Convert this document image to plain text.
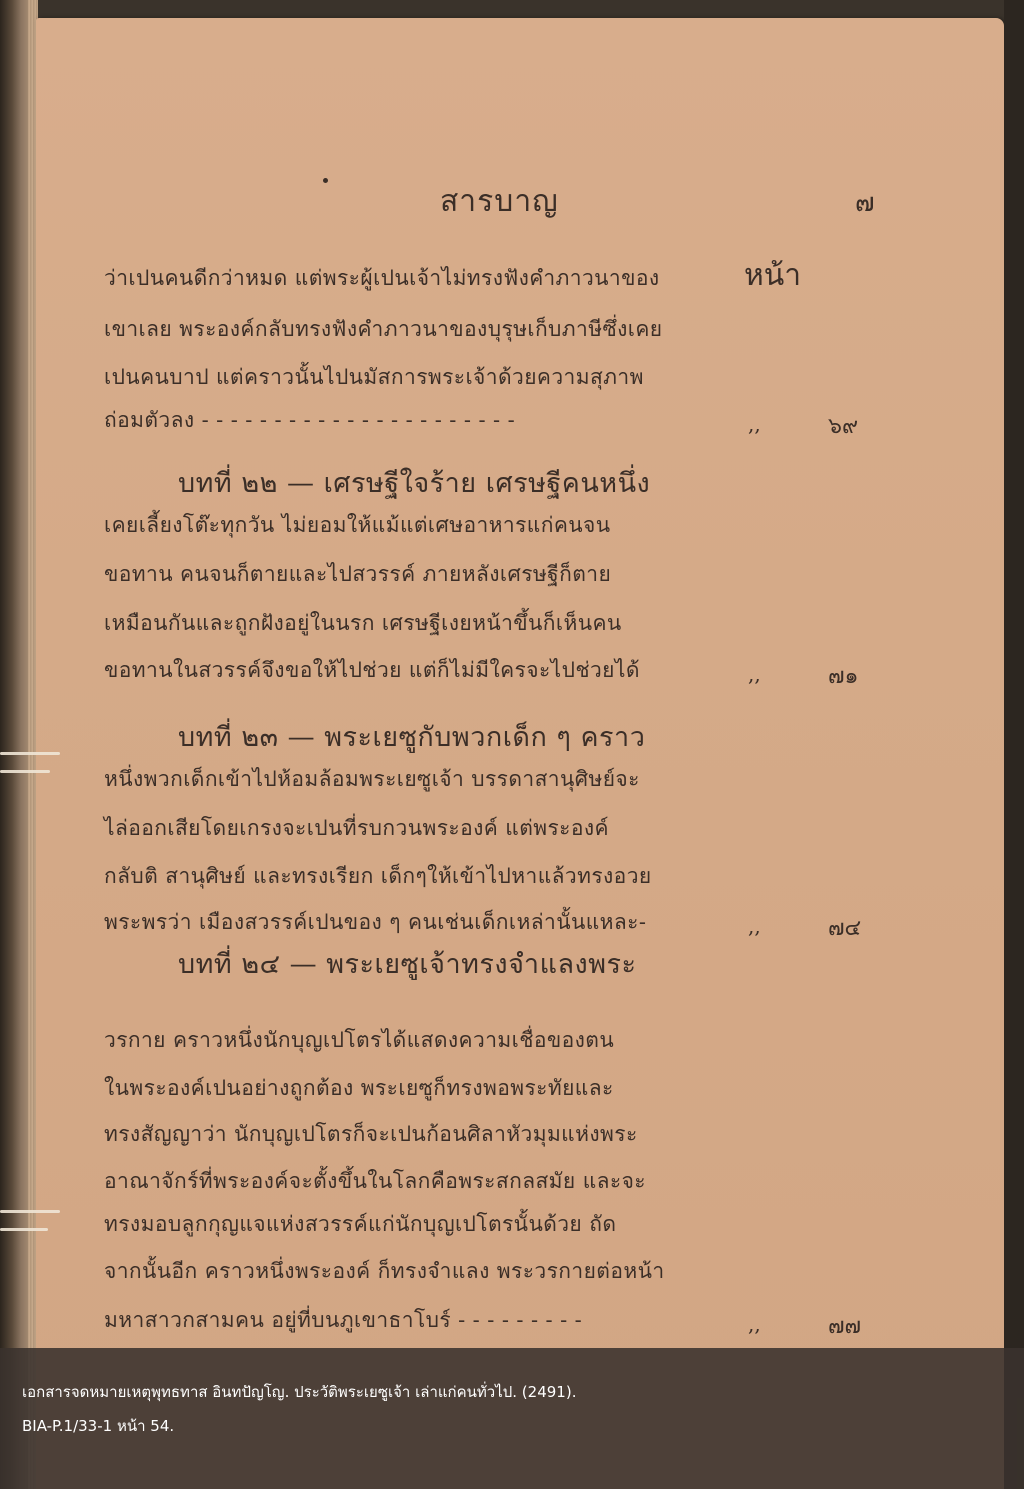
สารบาญ	๗
หน้า
ว่าเปนคนดีกว่าหมด แต่พระผู้เปนเจ้าไม่ทรงฟังคำภาวนาของ
เขาเลย พระองค์กลับทรงฟังคำภาวนาของบุรุษเก็บภาษีซึ่งเคย
เปนคนบาป แต่คราวนั้นไปนมัสการพระเจ้าด้วยความสุภาพ
ถ่อมตัวลง - - - - - - - - - - - - - - - - - - - - - -	,,	๖๙
บทที่ ๒๒ — เศรษฐีใจร้าย เศรษฐีคนหนึ่ง
เคยเลี้ยงโต๊ะทุกวัน ไม่ยอมให้แม้แต่เศษอาหารแก่คนจน
ขอทาน คนจนก็ตายและไปสวรรค์ ภายหลังเศรษฐีก็ตาย
เหมือนกันและถูกฝังอยู่ในนรก เศรษฐีเงยหน้าขึ้นก็เห็นคน
ขอทานในสวรรค์จึงขอให้ไปช่วย แต่ก็ไม่มีใครจะไปช่วยได้	,,	๗๑
บทที่ ๒๓ — พระเยซูกับพวกเด็ก ๆ คราว
หนึ่งพวกเด็กเข้าไปห้อมล้อมพระเยซูเจ้า บรรดาสานุศิษย์จะ
ไล่ออกเสียโดยเกรงจะเปนที่รบกวนพระองค์ แต่พระองค์
กลับติ สานุศิษย์ และทรงเรียก เด็กๆให้เข้าไปหาแล้วทรงอวย
พระพรว่า เมืองสวรรค์เปนของ ๆ คนเช่นเด็กเหล่านั้นแหละ-	,,	๗๔
บทที่ ๒๔ — พระเยซูเจ้าทรงจำแลงพระ
วรกาย คราวหนึ่งนักบุญเปโตรได้แสดงความเชื่อของตน
ในพระองค์เปนอย่างถูกต้อง พระเยซูก็ทรงพอพระทัยและ
ทรงสัญญาว่า นักบุญเปโตรก็จะเปนก้อนศิลาหัวมุมแห่งพระ
อาณาจักร์ที่พระองค์จะตั้งขึ้นในโลกคือพระสกลสมัย และจะ
ทรงมอบลูกกุญแจแห่งสวรรค์แก่นักบุญเปโตรนั้นด้วย ถัด
จากนั้นอีก คราวหนึ่งพระองค์ ก็ทรงจำแลง พระวรกายต่อหน้า
มหาสาวกสามคน อยู่ที่บนภูเขาธาโบร์ - - - - - - - - -	,,	๗๗
เอกสารจดหมายเหตุพุทธทาส อินทปัญโญ. ประวัติพระเยซูเจ้า เล่าแก่คนทั่วไป. (2491).
BIA-P.1/33-1 หน้า 54.
